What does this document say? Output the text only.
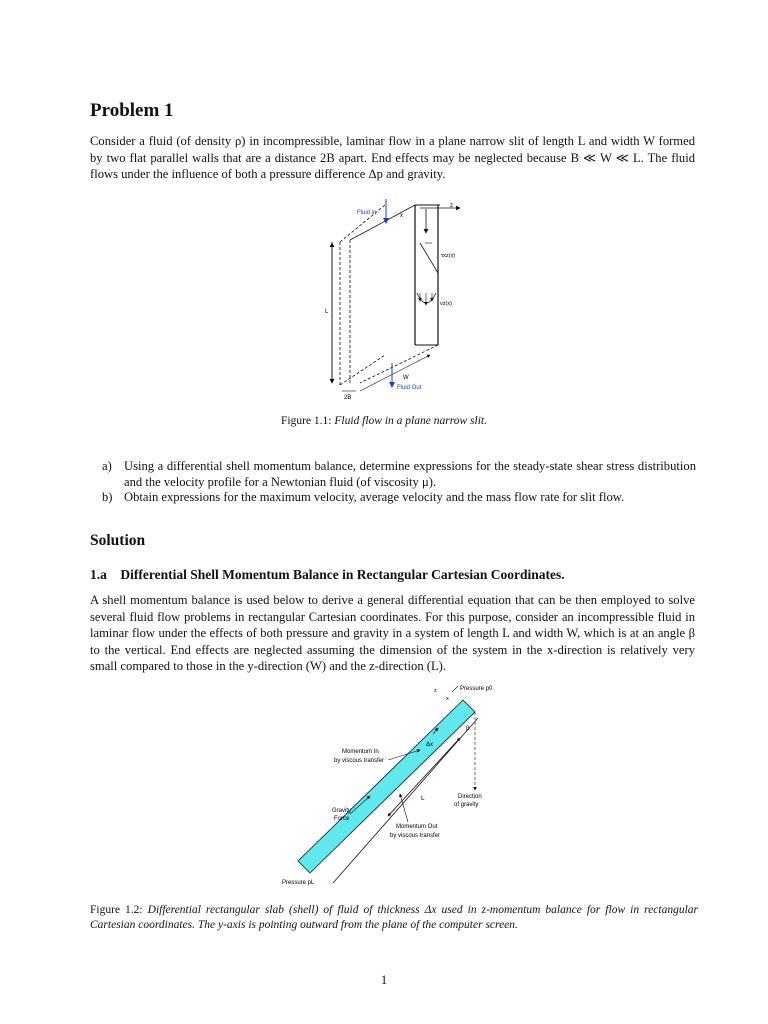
Problem 1
Consider a fluid (of density ρ) in incompressible, laminar flow in a plane narrow slit of length L and width W formed by two flat parallel walls that are a distance 2B apart. End effects may be neglected because B ≪ W ≪ L. The fluid flows under the influence of both a pressure difference Δp and gravity.
z
x
Fluid in
τxz(x)
vz(x)
L
2B
W
Fluid Out
Figure 1.1: Fluid flow in a plane narrow slit.
a) Using a differential shell momentum balance, determine expressions for the steady-state shear stress distribution and the velocity profile for a Newtonian fluid (of viscosity μ).
b) Obtain expressions for the maximum velocity, average velocity and the mass flow rate for slit flow.
Solution
1.a    Differential Shell Momentum Balance in Rectangular Cartesian Coordinates.
A shell momentum balance is used below to derive a general differential equation that can be then employed to solve several fluid flow problems in rectangular Cartesian coordinates. For this purpose, consider an incompressible fluid in laminar flow under the effects of both pressure and gravity in a system of length L and width W, which is at an angle β to the vertical. End effects are neglected assuming the dimension of the system in the x-direction is relatively very small compared to those in the y-direction (W) and the z-direction (L).
L
Pressure p0
z
x
β
Direction
of gravity
Δx
Momentum In
by viscous transfer
Gravity
Force
Momentum Out
by viscous transfer
Pressure pL
Figure 1.2: Differential rectangular slab (shell) of fluid of thickness Δx used in z-momentum balance for flow in rectangular Cartesian coordinates. The y-axis is pointing outward from the plane of the computer screen.
1
